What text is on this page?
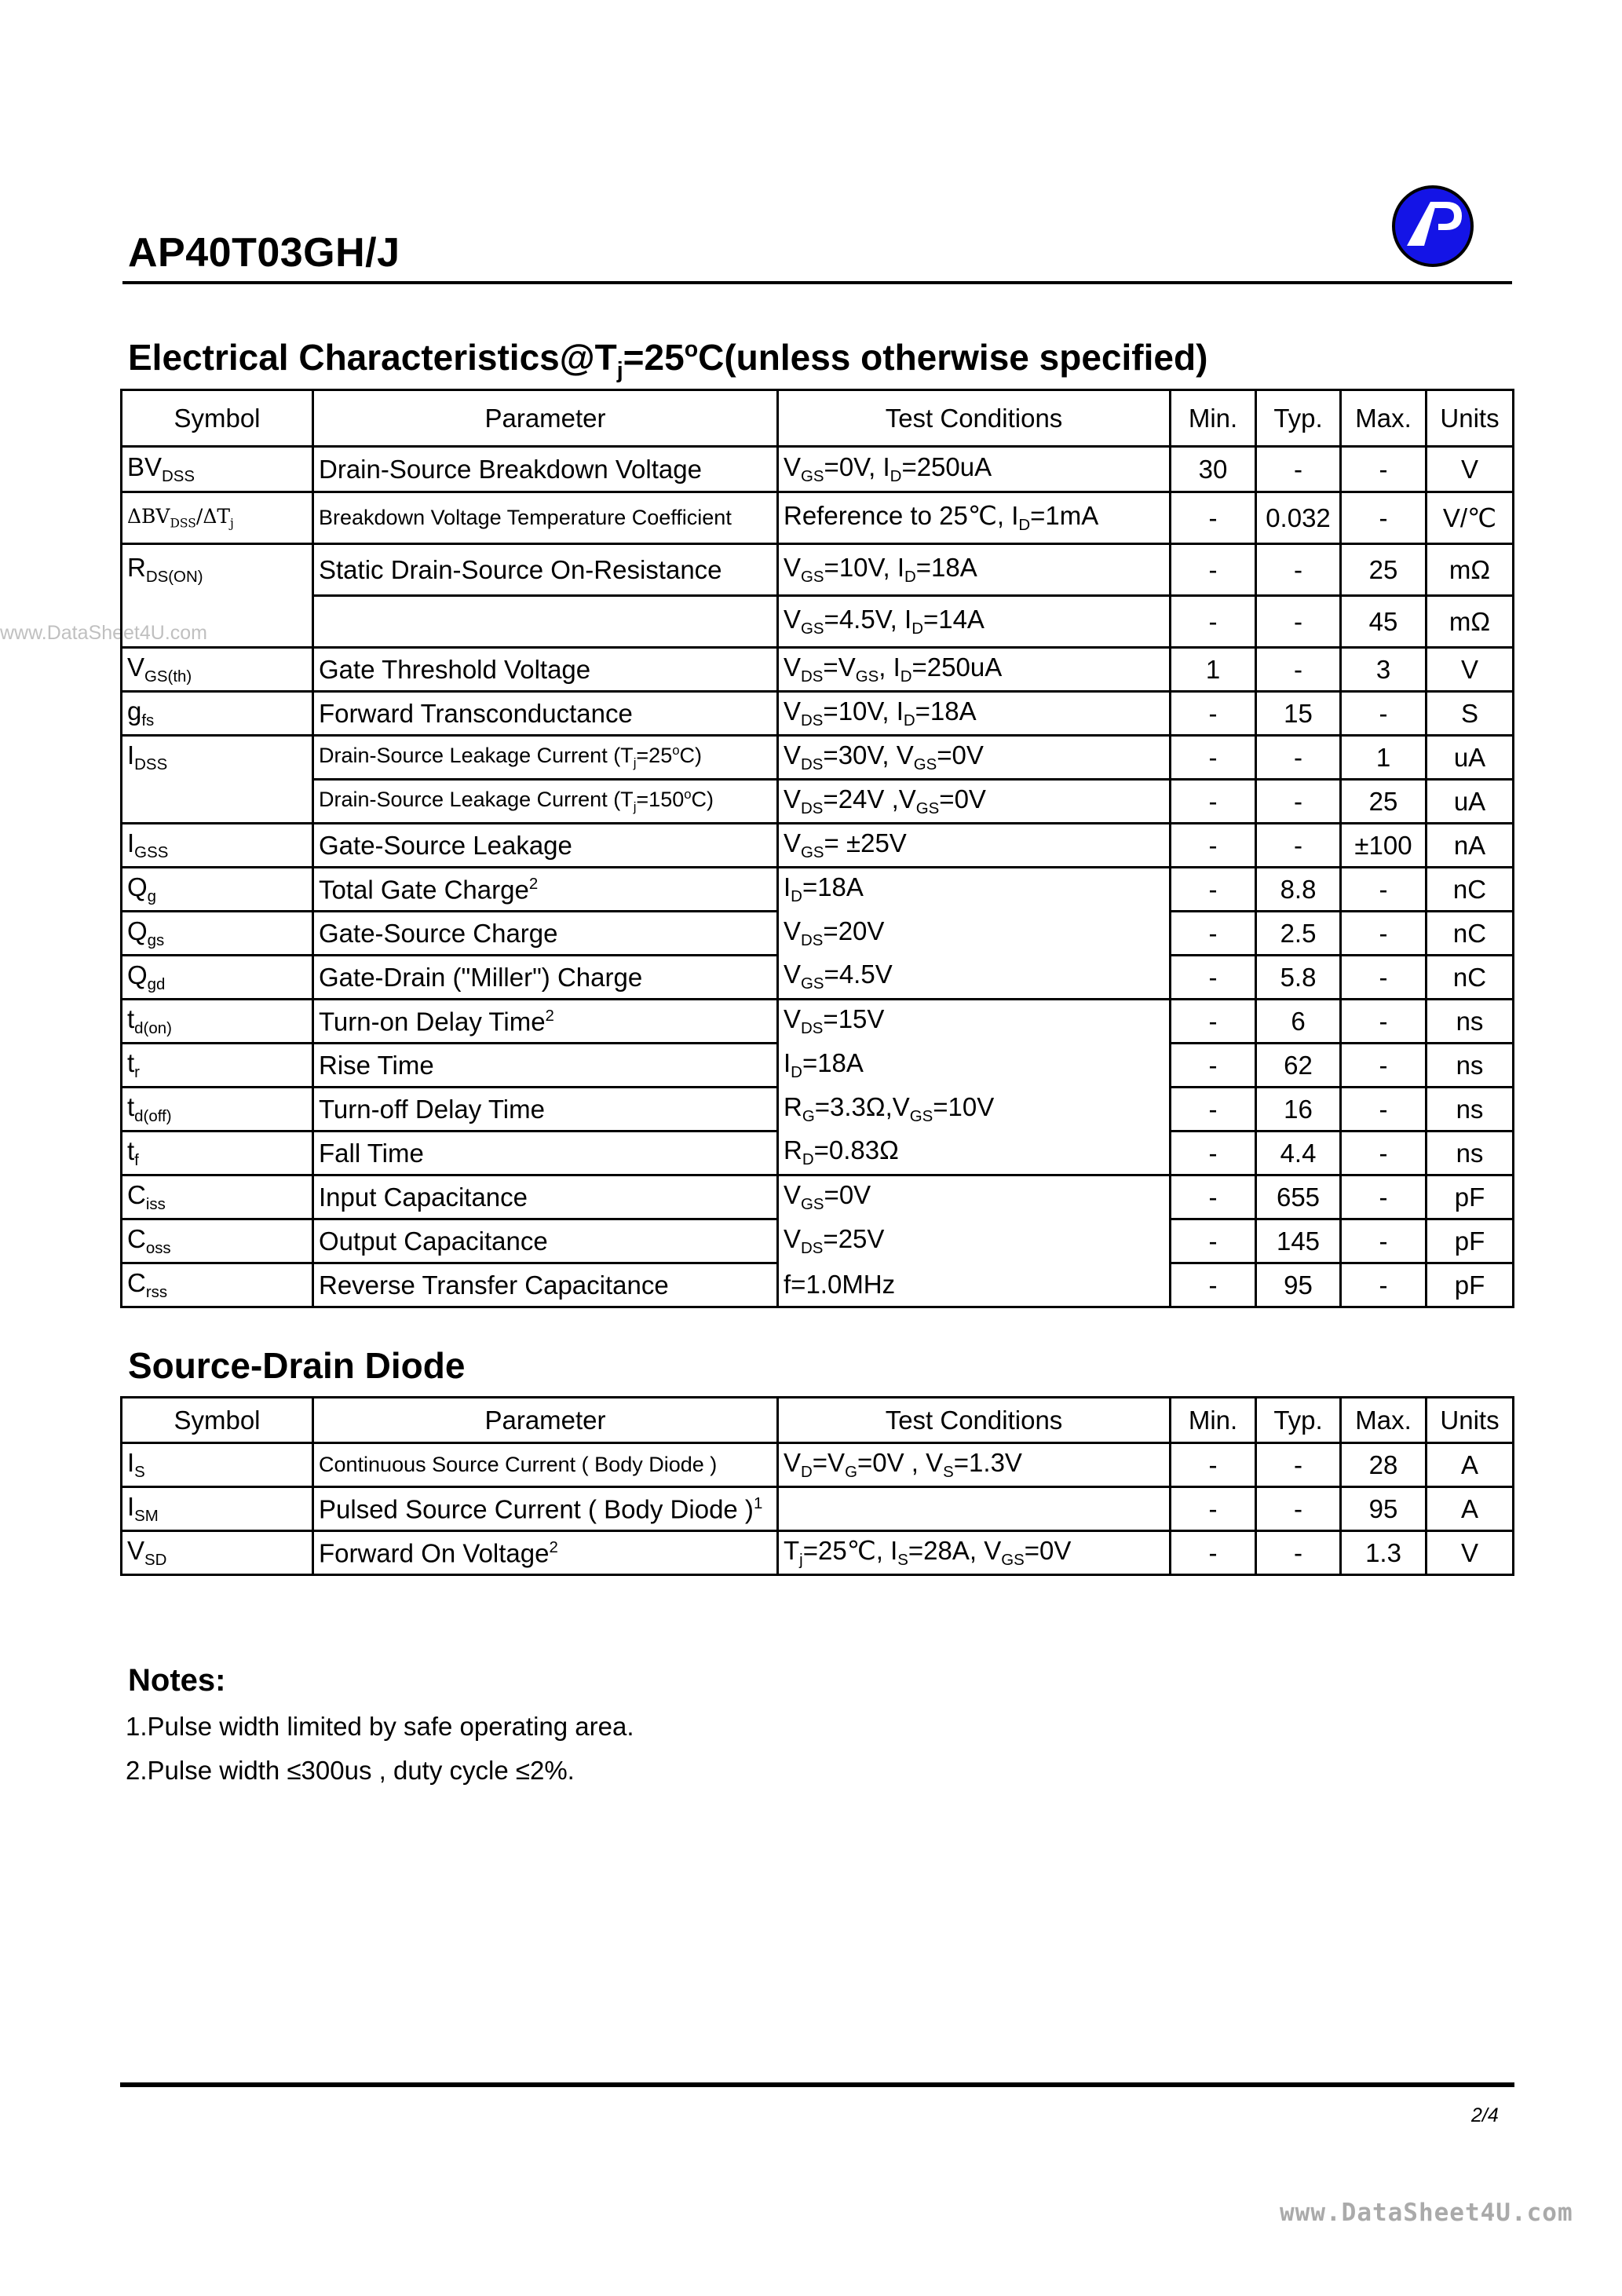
AP40T03GH/J
www.DataSheet4U.com
Electrical $Characteristics@T_j=25^oC(unless$ otherwise specified)
Symbol	Parameter	Test Conditions	Min.	Typ.	Max.	Units
$BV_{DSS}$	Drain-Source Breakdown Voltage	$V_{GS}=0V$, $I_D=250uA$	30	-	-	V
$\Delta BV_{DSS}/\Delta T_j$	Breakdown Voltage Temperature Coefficient	Reference to 25℃, $I_D=1mA$	-	0.032	-	V/℃
$R_{DS(ON)}$	Static Drain-Source On-Resistance	$V_{GS}=10V$, $I_D=18A$	-	-	25	mΩ
		$V_{GS}=4.5V$, $I_D=14A$	-	-	45	mΩ
$V_{GS(th)}$	Gate Threshold Voltage	$V_{DS}=V_{GS}$, $I_D=250uA$	1	-	3	V
$g_{fs}$	Forward Transconductance	$V_{DS}=10V$, $I_D=18A$	-	15	-	S
$I_{DSS}$	Drain-Source Leakage Current $(T_j=25^oC)$	$V_{DS}=30V$, $V_{GS}=0V$	-	-	1	uA
	Drain-Source Leakage Current $(T_j=150^oC)$	$V_{DS}=24V$ $,V_{GS}=0V$	-	-	25	uA
$I_{GSS}$	Gate-Source Leakage	$V_{GS}= \pm 25V$	-	-	±100	nA
$Q_g$	Total Gate Charge$^2$	$I_D=18A$	-	8.8	-	nC
$Q_{gs}$	Gate-Source Charge	$V_{DS}=20V$	-	2.5	-	nC
$Q_{gd}$	Gate-Drain ("Miller") Charge	$V_{GS}=4.5V$	-	5.8	-	nC
$t_{d(on)}$	Turn-on Delay Time$^2$	$V_{DS}=15V$	-	6	-	ns
$t_r$	Rise Time	$I_D=18A$	-	62	-	ns
$t_{d(off)}$	Turn-off Delay Time	$R_G=3.3\Omega,V_{GS}=10V$	-	16	-	ns
$t_f$	Fall Time	$R_D=0.83\Omega$	-	4.4	-	ns
$C_{iss}$	Input Capacitance	$V_{GS}=0V$	-	655	-	pF
$C_{oss}$	Output Capacitance	$V_{DS}=25V$	-	145	-	pF
$C_{rss}$	Reverse Transfer Capacitance	f=1.0MHz	-	95	-	pF
Source-Drain Diode
Symbol	Parameter	Test Conditions	Min.	Typ.	Max.	Units
$I_S$	Continuous Source Current ( Body Diode )	$V_D=V_G=0V$ , $V_S=1.3V$	-	-	28	A
$I_{SM}$	Pulsed Source Current ( Body Diode )$^1$		-	-	95	A
$V_{SD}$	Forward On Voltage$^2$	$T_j=25℃$, $I_S=28A$, $V_{GS}=0V$	-	-	1.3	V
Notes:
1.Pulse width limited by safe operating area.
2.Pulse width ≤300us , duty cycle ≤2%.
2/4
www.DataSheet4U.com
